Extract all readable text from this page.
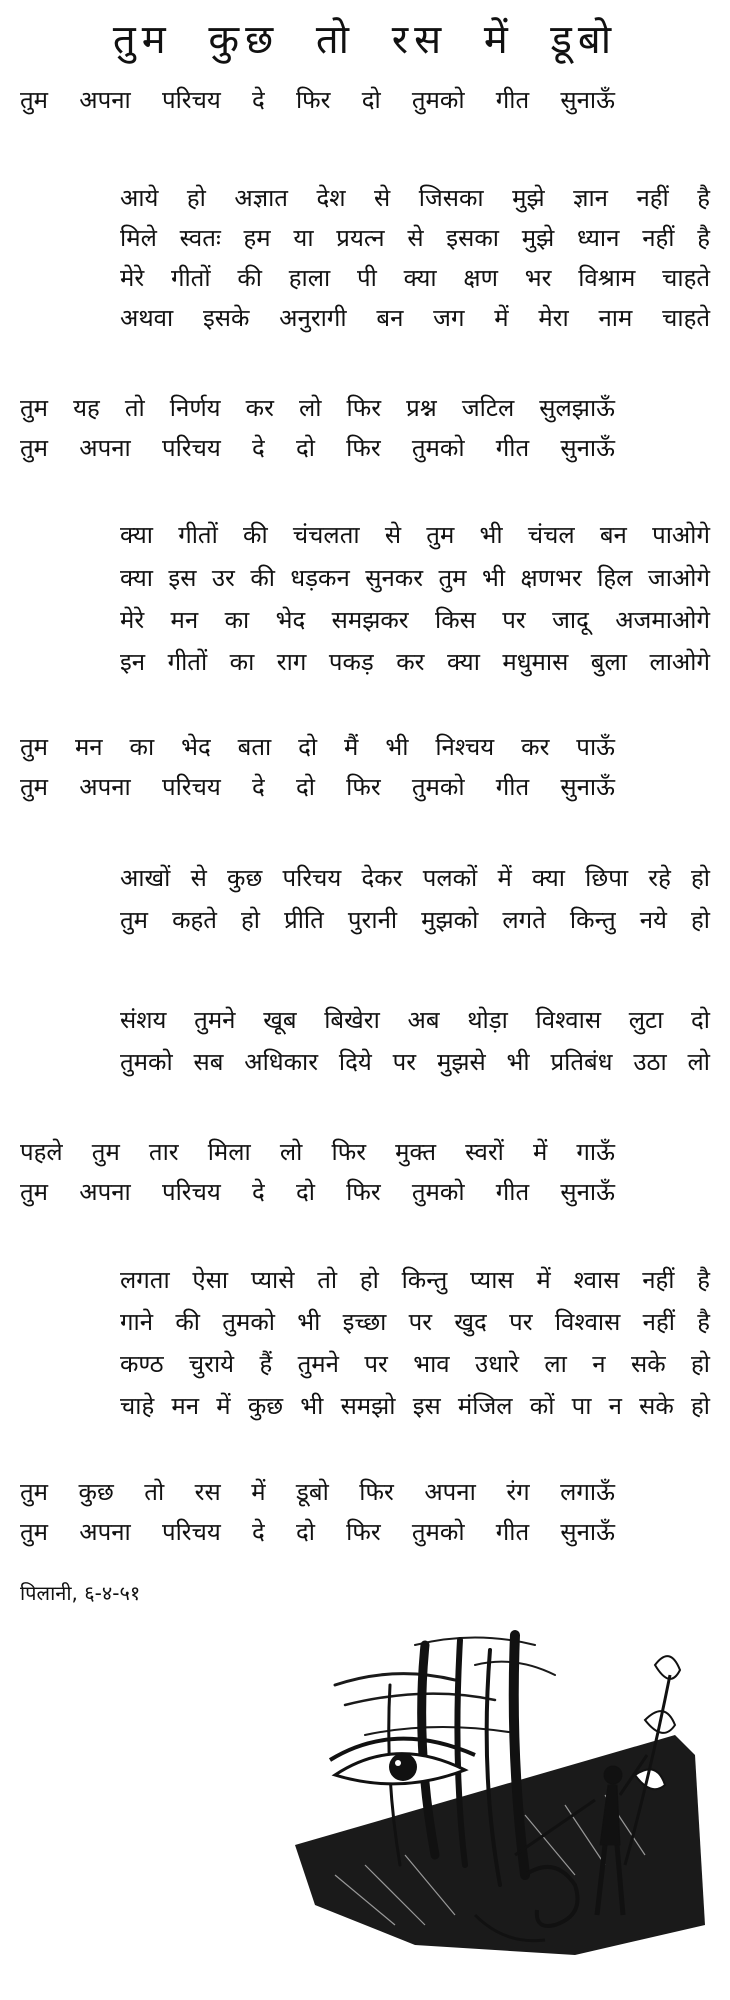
तुम कुछ तो रस में डूबो
तुम अपना परिचय दे फिर दो तुमको गीत सुनाऊँ
आये हो अज्ञात देश से जिसका मुझे ज्ञान नहीं है
मिले स्वतः हम या प्रयत्न से इसका मुझे ध्यान नहीं है
मेरे गीतों की हाला पी क्या क्षण भर विश्राम चाहते
अथवा इसके अनुरागी बन जग में मेरा नाम चाहते
तुम यह तो निर्णय कर लो फिर प्रश्न जटिल सुलझाऊँ
तुम अपना परिचय दे दो फिर तुमको गीत सुनाऊँ
क्या गीतों की चंचलता से तुम भी चंचल बन पाओगे
क्या इस उर की धड़कन सुनकर तुम भी क्षणभर हिल जाओगे
मेरे मन का भेद समझकर किस पर जादू अजमाओगे
इन गीतों का राग पकड़ कर क्या मधुमास बुला लाओगे
तुम मन का भेद बता दो मैं भी निश्चय कर पाऊँ
तुम अपना परिचय दे दो फिर तुमको गीत सुनाऊँ
आखों से कुछ परिचय देकर पलकों में क्या छिपा रहे हो
तुम कहते हो प्रीति पुरानी मुझको लगते किन्तु नये हो
संशय तुमने खूब बिखेरा अब थोड़ा विश्वास लुटा दो
तुमको सब अधिकार दिये पर मुझसे भी प्रतिबंध उठा लो
पहले तुम तार मिला लो फिर मुक्त स्वरों में गाऊँ
तुम अपना परिचय दे दो फिर तुमको गीत सुनाऊँ
लगता ऐसा प्यासे तो हो किन्तु प्यास में श्वास नहीं है
गाने की तुमको भी इच्छा पर खुद पर विश्वास नहीं है
कण्ठ चुराये हैं तुमने पर भाव उधारे ला न सके हो
चाहे मन में कुछ भी समझो इस मंजिल कों पा न सके हो
तुम कुछ तो रस में डूबो फिर अपना रंग लगाऊँ
तुम अपना परिचय दे दो फिर तुमको गीत सुनाऊँ
पिलानी, ६-४-५१
